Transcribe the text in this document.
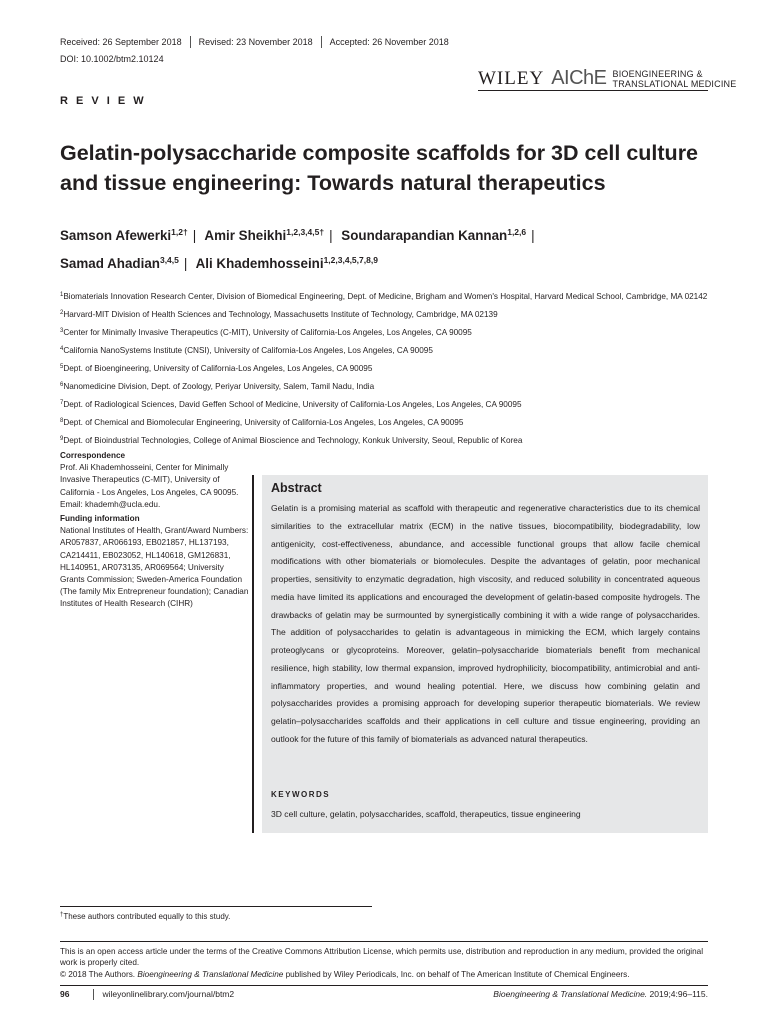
Received: 26 September 2018 Revised: 23 November 2018 Accepted: 26 November 2018
DOI: 10.1002/btm2.10124
WILEY AIChE BIOENGINEERING &
TRANSLATIONAL MEDICINE
R E V I E W
Gelatin-polysaccharide composite scaffolds for 3D cell culture and tissue engineering: Towards natural therapeutics
Samson Afewerki$^{1,2\dagger}$ | Amir Sheikhi$^{1,2,3,4,5\dagger}$ | Soundarapandian Kannan$^{1,2,6}$ |
Samad Ahadian$^{3,4,5}$ | Ali Khademhosseini$^{1,2,3,4,5,7,8,9}$
$^1$Biomaterials Innovation Research Center, Division of Biomedical Engineering, Dept. of Medicine, Brigham and Women's Hospital, Harvard Medical School, Cambridge, MA 02142
$^2$Harvard-MIT Division of Health Sciences and Technology, Massachusetts Institute of Technology, Cambridge, MA 02139
$^3$Center for Minimally Invasive Therapeutics (C-MIT), University of California-Los Angeles, Los Angeles, CA 90095
$^4$California NanoSystems Institute (CNSI), University of California-Los Angeles, Los Angeles, CA 90095
$^5$Dept. of Bioengineering, University of California-Los Angeles, Los Angeles, CA 90095
$^6$Nanomedicine Division, Dept. of Zoology, Periyar University, Salem, Tamil Nadu, India
$^7$Dept. of Radiological Sciences, David Geffen School of Medicine, University of California-Los Angeles, Los Angeles, CA 90095
$^8$Dept. of Chemical and Biomolecular Engineering, University of California-Los Angeles, Los Angeles, CA 90095
$^9$Dept. of Bioindustrial Technologies, College of Animal Bioscience and Technology, Konkuk University, Seoul, Republic of Korea
Correspondence
Prof. Ali Khademhosseini, Center for Minimally Invasive Therapeutics (C-MIT), University of California - Los Angeles, Los Angeles, CA 90095.
Email: khademh@ucla.edu.
Funding information
National Institutes of Health, Grant/Award Numbers: AR057837, AR066193, EB021857, HL137193, CA214411, EB023052, HL140618, GM126831, HL140951, AR073135, AR069564; University Grants Commission; Sweden-America Foundation (The family Mix Entrepreneur foundation); Canadian Institutes of Health Research (CIHR)
Abstract
Gelatin is a promising material as scaffold with therapeutic and regenerative characteristics due to its chemical similarities to the extracellular matrix (ECM) in the native tissues, biocompatibility, biodegradability, low antigenicity, cost-effectiveness, abundance, and accessible functional groups that allow facile chemical modifications with other biomaterials or biomolecules. Despite the advantages of gelatin, poor mechanical properties, sensitivity to enzymatic degradation, high viscosity, and reduced solubility in concentrated aqueous media have limited its applications and encouraged the development of gelatin-based composite hydrogels. The drawbacks of gelatin may be surmounted by synergistically combining it with a wide range of polysaccharides. The addition of polysaccharides to gelatin is advantageous in mimicking the ECM, which largely contains proteoglycans or glycoproteins. Moreover, gelatin–polysaccharide biomaterials benefit from mechanical resilience, high stability, low thermal expansion, improved hydrophilicity, biocompatibility, antimicrobial and anti-inflammatory properties, and wound healing potential. Here, we discuss how combining gelatin and polysaccharides provides a promising approach for developing superior therapeutic biomaterials. We review gelatin–polysaccharides scaffolds and their applications in cell culture and tissue engineering, providing an outlook for the future of this family of biomaterials as advanced natural therapeutics.
KEYWORDS
3D cell culture, gelatin, polysaccharides, scaffold, therapeutics, tissue engineering
†These authors contributed equally to this study.
This is an open access article under the terms of the Creative Commons Attribution License, which permits use, distribution and reproduction in any medium, provided the original work is properly cited.
© 2018 The Authors. Bioengineering & Translational Medicine published by Wiley Periodicals, Inc. on behalf of The American Institute of Chemical Engineers.
96	wileyonlinelibrary.com/journal/btm2	Bioengineering & Translational Medicine. 2019;4:96–115.
